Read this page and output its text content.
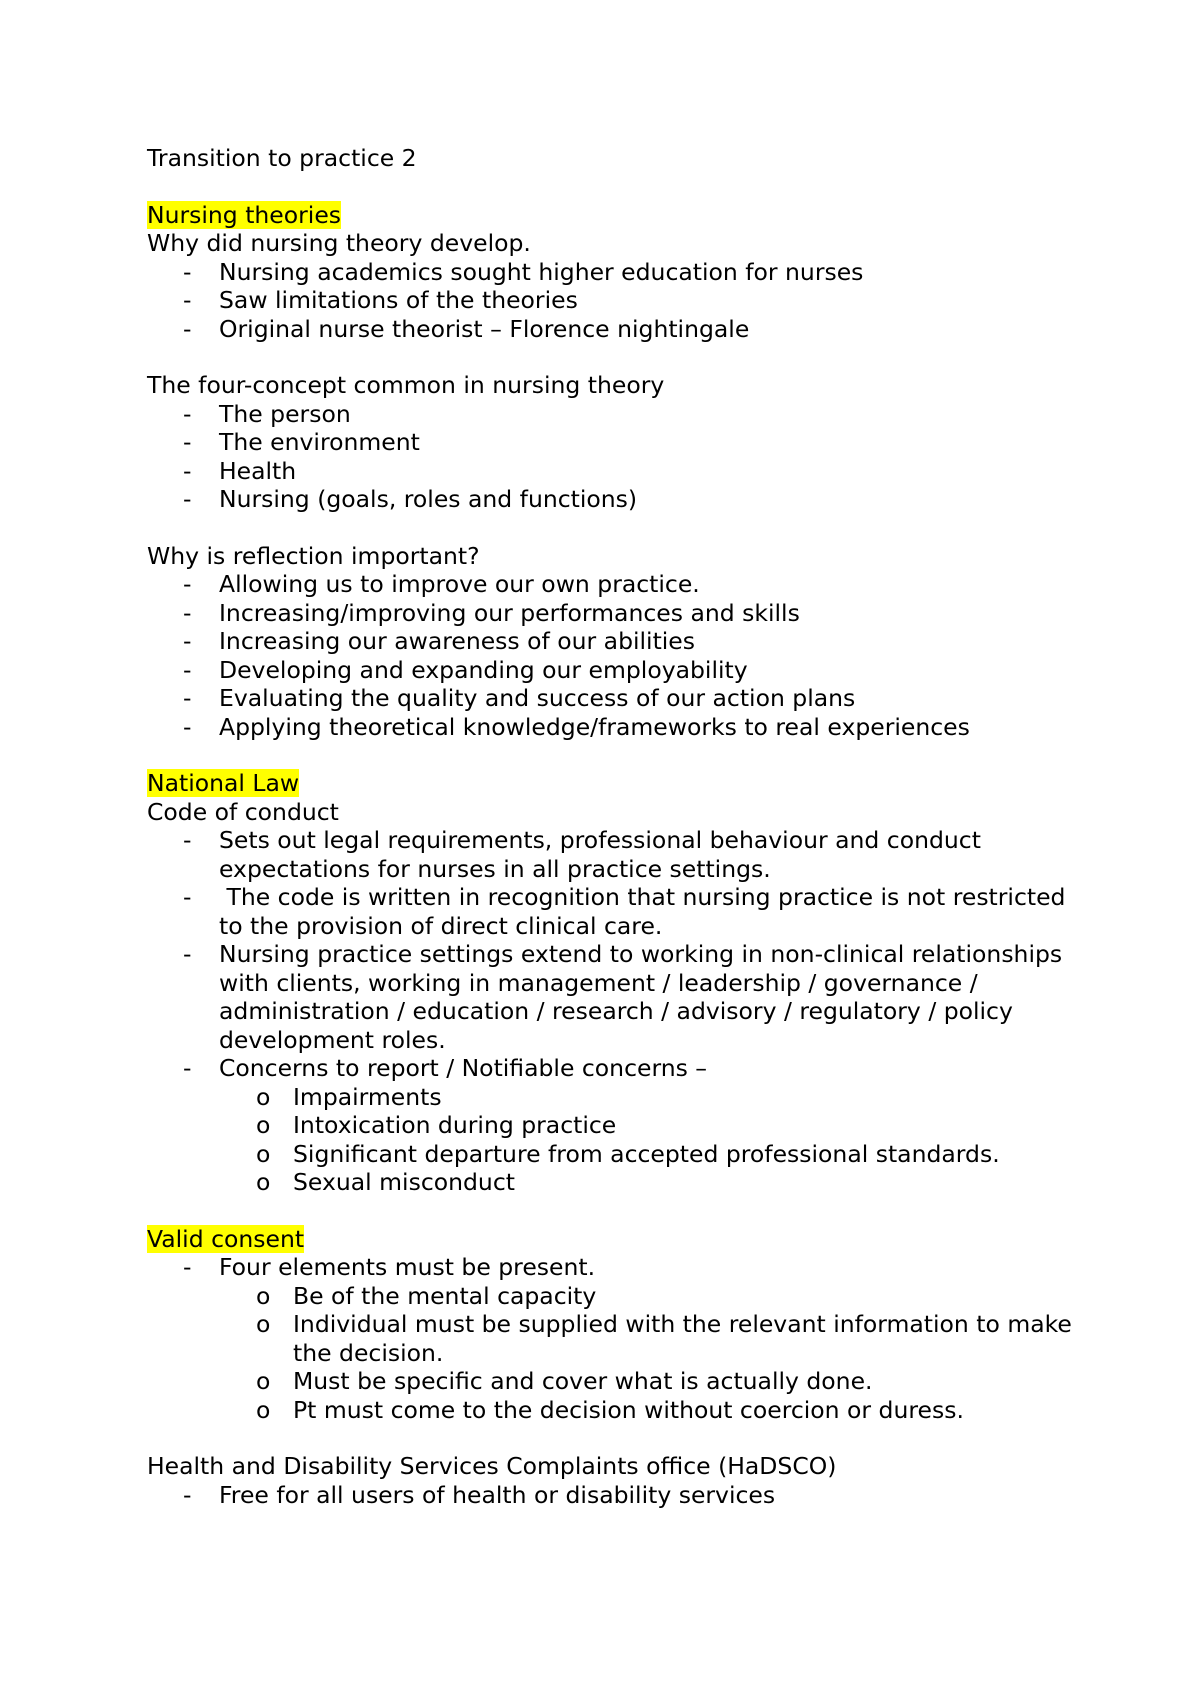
Transition to practice 2
Nursing theories
Why did nursing theory develop.
- Nursing academics sought higher education for nurses
- Saw limitations of the theories
- Original nurse theorist – Florence nightingale
The four-concept common in nursing theory
- The person
- The environment
- Health
- Nursing (goals, roles and functions)
Why is reflection important?
- Allowing us to improve our own practice.
- Increasing/improving our performances and skills
- Increasing our awareness of our abilities
- Developing and expanding our employability
- Evaluating the quality and success of our action plans
- Applying theoretical knowledge/frameworks to real experiences
National Law
Code of conduct
- Sets out legal requirements, professional behaviour and conduct expectations for nurses in all practice settings.
- The code is written in recognition that nursing practice is not restricted to the provision of direct clinical care.
- Nursing practice settings extend to working in non-clinical relationships with clients, working in management / leadership / governance / administration / education / research / advisory / regulatory / policy development roles.
- Concerns to report / Notifiable concerns –
o Impairments
o Intoxication during practice
o Significant departure from accepted professional standards.
o Sexual misconduct
Valid consent
- Four elements must be present.
o Be of the mental capacity
o Individual must be supplied with the relevant information to make the decision.
o Must be specific and cover what is actually done.
o Pt must come to the decision without coercion or duress.
Health and Disability Services Complaints office (HaDSCO)
- Free for all users of health or disability services
